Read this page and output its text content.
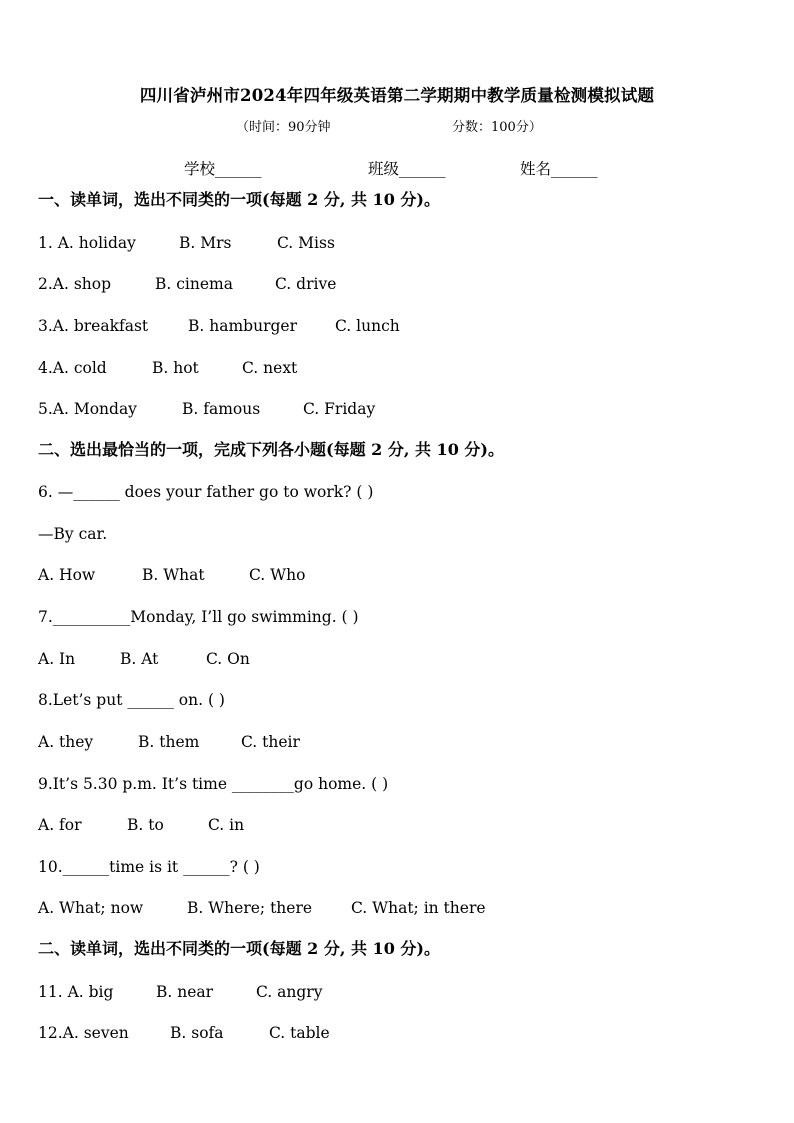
四川省泸州市2024年四年级英语第二学期期中教学质量检测模拟试题
（时间：90分钟	分数：100分）
学校______	班级______	姓名______
一、读单词，选出不同类的一项(每题 2 分, 共 10 分)。
1. A. holiday	B. Mrs	C. Miss
2.A. shop	B. cinema	C. drive
3.A. breakfast	B. hamburger C. lunch
4.A. cold	B. hot	C. next
5.A. Monday	B. famous	C. Friday
二、选出最恰当的一项，完成下列各小题(每题 2 分, 共 10 分)。
6. —______ does your father go to work? ( )
—By car.
A. How	B. What	C. Who
7.__________Monday, I’ll go swimming. ( )
A. In	B. At	C. On
8.Let’s put ______ on. ( )
A. they	B. them	C. their
9.It’s 5.30 p.m. It’s time ________go home. ( )
A. for	B. to	C. in
10.______time is it ______? ( )
A. What; now	B. Where; there	C. What; in there
二、读单词，选出不同类的一项(每题 2 分, 共 10 分)。
11. A. big	B. near	C. angry
12.A. seven	B. sofa	C. table
